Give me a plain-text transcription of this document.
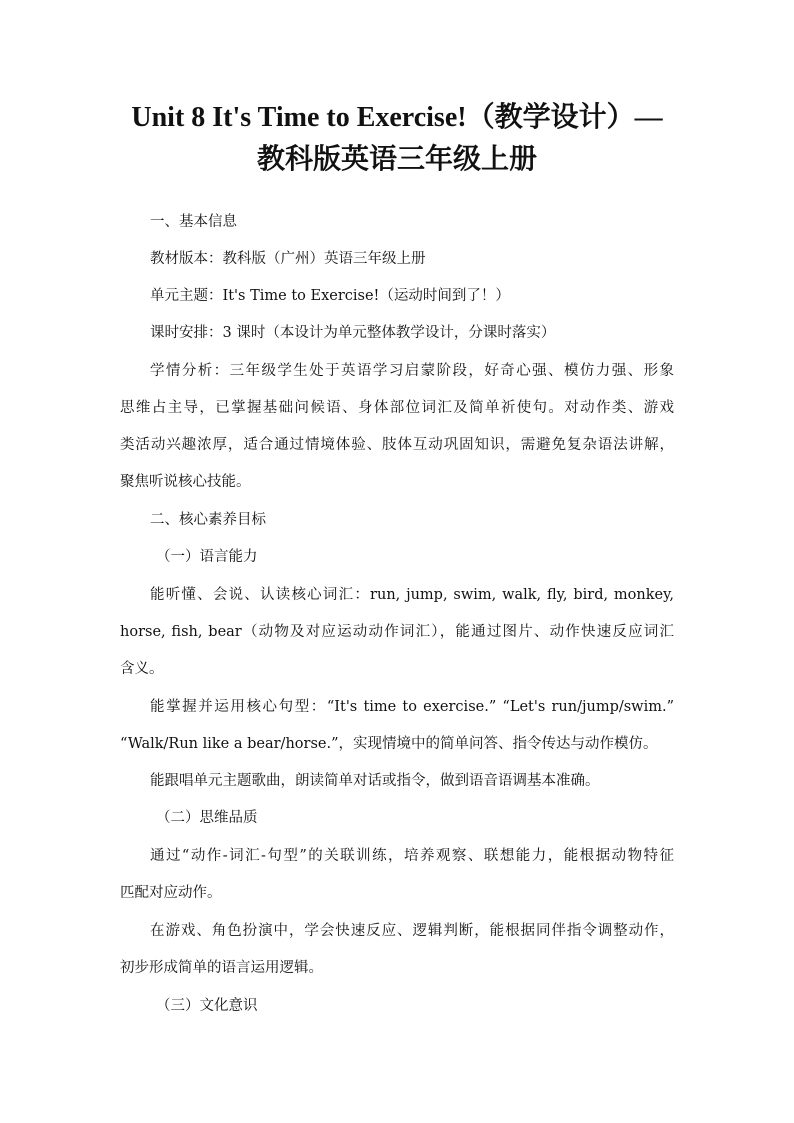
Unit 8 It's Time to Exercise!（教学设计）—
教科版英语三年级上册

一、基本信息

教材版本：教科版（广州）英语三年级上册

单元主题：It's Time to Exercise!（运动时间到了！）

课时安排：3 课时（本设计为单元整体教学设计，分课时落实）

学情分析：三年级学生处于英语学习启蒙阶段，好奇心强、模仿力强、形象

思维占主导，已掌握基础问候语、身体部位词汇及简单祈使句。对动作类、游戏

类活动兴趣浓厚，适合通过情境体验、肢体互动巩固知识，需避免复杂语法讲解，

聚焦听说核心技能。

二、核心素养目标

（一）语言能力

能听懂、会说、认读核心词汇：run, jump, swim, walk, fly, bird, monkey,

horse, fish, bear（动物及对应运动动作词汇），能通过图片、动作快速反应词汇

含义。

能掌握并运用核心句型：“It's time to exercise.” “Let's run/jump/swim.”

“Walk/Run like a bear/horse.”，实现情境中的简单问答、指令传达与动作模仿。

能跟唱单元主题歌曲，朗读简单对话或指令，做到语音语调基本准确。

（二）思维品质

通过“动作-词汇-句型”的关联训练，培养观察、联想能力，能根据动物特征

匹配对应动作。

在游戏、角色扮演中，学会快速反应、逻辑判断，能根据同伴指令调整动作，

初步形成简单的语言运用逻辑。

（三）文化意识
